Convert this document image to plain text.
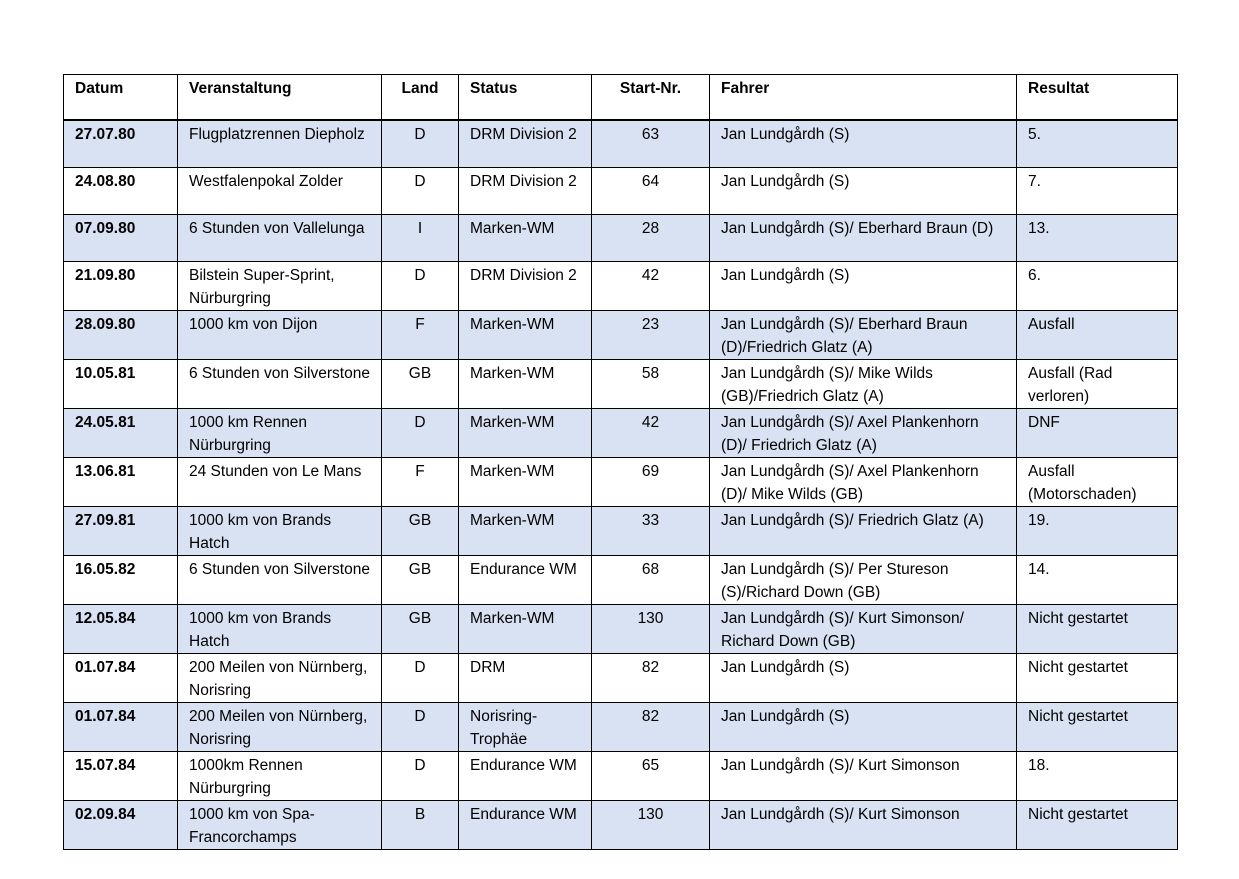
Datum	Veranstaltung	Land	Status	Start-Nr.	Fahrer	Resultat
27.07.80	Flugplatzrennen Diepholz	D	DRM Division 2	63	Jan Lundgårdh (S)	5.
24.08.80	Westfalenpokal Zolder	D	DRM Division 2	64	Jan Lundgårdh (S)	7.
07.09.80	6 Stunden von Vallelunga	I	Marken-WM	28	Jan Lundgårdh (S)/ Eberhard Braun (D)	13.
21.09.80	Bilstein Super-Sprint, Nürburgring	D	DRM Division 2	42	Jan Lundgårdh (S)	6.
28.09.80	1000 km von Dijon	F	Marken-WM	23	Jan Lundgårdh (S)/ Eberhard Braun (D)/Friedrich Glatz (A)	Ausfall
10.05.81	6 Stunden von Silverstone	GB	Marken-WM	58	Jan Lundgårdh (S)/ Mike Wilds (GB)/Friedrich Glatz (A)	Ausfall (Rad verloren)
24.05.81	1000 km Rennen Nürburgring	D	Marken-WM	42	Jan Lundgårdh (S)/ Axel Plankenhorn (D)/ Friedrich Glatz (A)	DNF
13.06.81	24 Stunden von Le Mans	F	Marken-WM	69	Jan Lundgårdh (S)/ Axel Plankenhorn (D)/ Mike Wilds (GB)	Ausfall (Motorschaden)
27.09.81	1000 km von Brands Hatch	GB	Marken-WM	33	Jan Lundgårdh (S)/ Friedrich Glatz (A)	19.
16.05.82	6 Stunden von Silverstone	GB	Endurance WM	68	Jan Lundgårdh (S)/ Per Stureson (S)/Richard Down (GB)	14.
12.05.84	1000 km von Brands Hatch	GB	Marken-WM	130	Jan Lundgårdh (S)/ Kurt Simonson/ Richard Down (GB)	Nicht gestartet
01.07.84	200 Meilen von Nürnberg, Norisring	D	DRM	82	Jan Lundgårdh (S)	Nicht gestartet
01.07.84	200 Meilen von Nürnberg, Norisring	D	Norisring-Trophäe	82	Jan Lundgårdh (S)	Nicht gestartet
15.07.84	1000km Rennen Nürburgring	D	Endurance WM	65	Jan Lundgårdh (S)/ Kurt Simonson	18.
02.09.84	1000 km von Spa-Francorchamps	B	Endurance WM	130	Jan Lundgårdh (S)/ Kurt Simonson	Nicht gestartet
